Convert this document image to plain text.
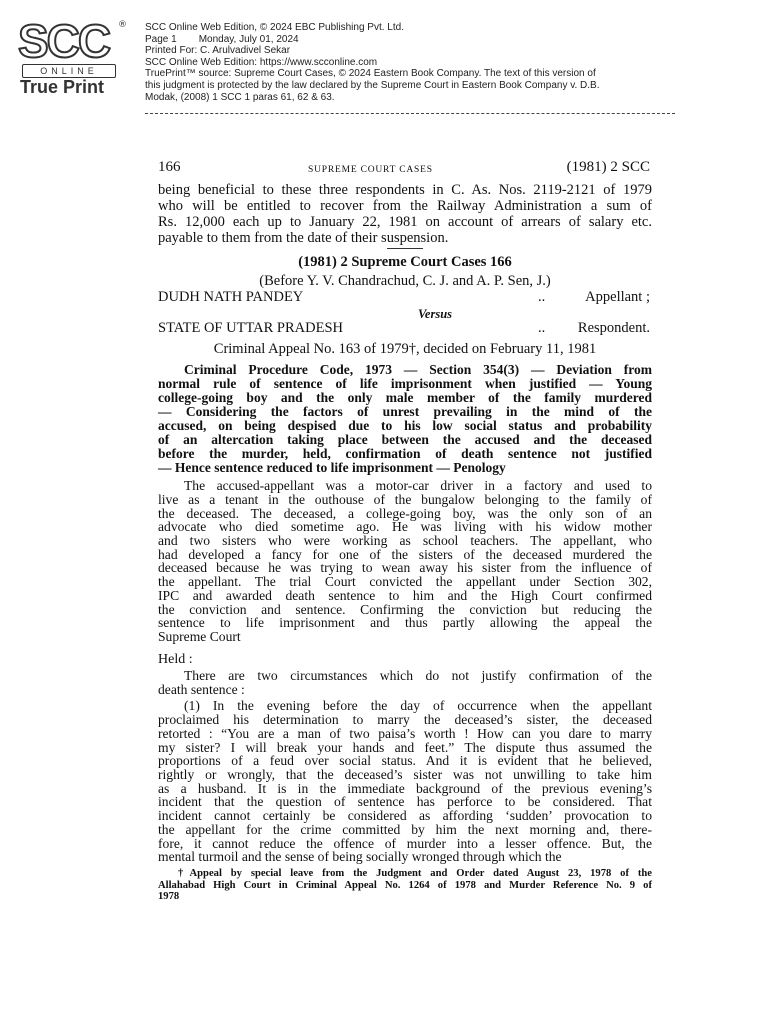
SCC ®
ONLINE
True Print
SCC Online Web Edition, © 2024 EBC Publishing Pvt. Ltd.
Page 1 Monday, July 01, 2024
Printed For: C. Arulvadivel Sekar
SCC Online Web Edition: https://www.scconline.com
TruePrint™ source: Supreme Court Cases, © 2024 Eastern Book Company. The text of this version of
this judgment is protected by the law declared by the Supreme Court in Eastern Book Company v. D.B.
Modak, (2008) 1 SCC 1 paras 61, 62 & 63.
166	SUPREME COURT CASES	(1981) 2 SCC
being beneficial to these three respondents in C. As. Nos. 2119-2121 of 1979
who will be entitled to recover from the Railway Administration a sum of
Rs. 12,000 each up to January 22, 1981 on account of arrears of salary etc.
payable to them from the date of their suspension.
(1981) 2 Supreme Court Cases 166
(Before Y. V. Chandrachud, C. J. and A. P. Sen, J.)
DUDH NATH PANDEY	..	Appellant ;
Versus
STATE OF UTTAR PRADESH	.. Respondent.
Criminal Appeal No. 163 of 1979†, decided on February 11, 1981
Criminal Procedure Code, 1973 — Section 354(3) — Deviation from
normal rule of sentence of life imprisonment when justified — Young
college-going boy and the only male member of the family murdered
— Considering the factors of unrest prevailing in the mind of the
accused, on being despised due to his low social status and probability
of an altercation taking place between the accused and the deceased
before the murder, held, confirmation of death sentence not justified
— Hence sentence reduced to life imprisonment — Penology
The accused-appellant was a motor-car driver in a factory and used to
live as a tenant in the outhouse of the bungalow belonging to the family of
the deceased. The deceased, a college-going boy, was the only son of an
advocate who died sometime ago. He was living with his widow mother
and two sisters who were working as school teachers. The appellant, who
had developed a fancy for one of the sisters of the deceased murdered the
deceased because he was trying to wean away his sister from the influence of
the appellant. The trial Court convicted the appellant under Section 302,
IPC and awarded death sentence to him and the High Court confirmed
the conviction and sentence. Confirming the conviction but reducing the
sentence to life imprisonment and thus partly allowing the appeal the
Supreme Court
Held :
There are two circumstances which do not justify confirmation of the
death sentence :
(1) In the evening before the day of occurrence when the appellant
proclaimed his determination to marry the deceased’s sister, the deceased
retorted : “You are a man of two paisa’s worth ! How can you dare to marry
my sister? I will break your hands and feet.” The dispute thus assumed the
proportions of a feud over social status. And it is evident that he believed,
rightly or wrongly, that the deceased’s sister was not unwilling to take him
as a husband. It is in the immediate background of the previous evening’s
incident that the question of sentence has perforce to be considered. That
incident cannot certainly be considered as affording ‘sudden’ provocation to
the appellant for the crime committed by him the next morning and, there-
fore, it cannot reduce the offence of murder into a lesser offence. But, the
mental turmoil and the sense of being socially wronged through which the
†Appeal by special leave from the Judgment and Order dated August 23, 1978 of the
Allahabad High Court in Criminal Appeal No. 1264 of 1978 and Murder Reference No. 9 of
1978
